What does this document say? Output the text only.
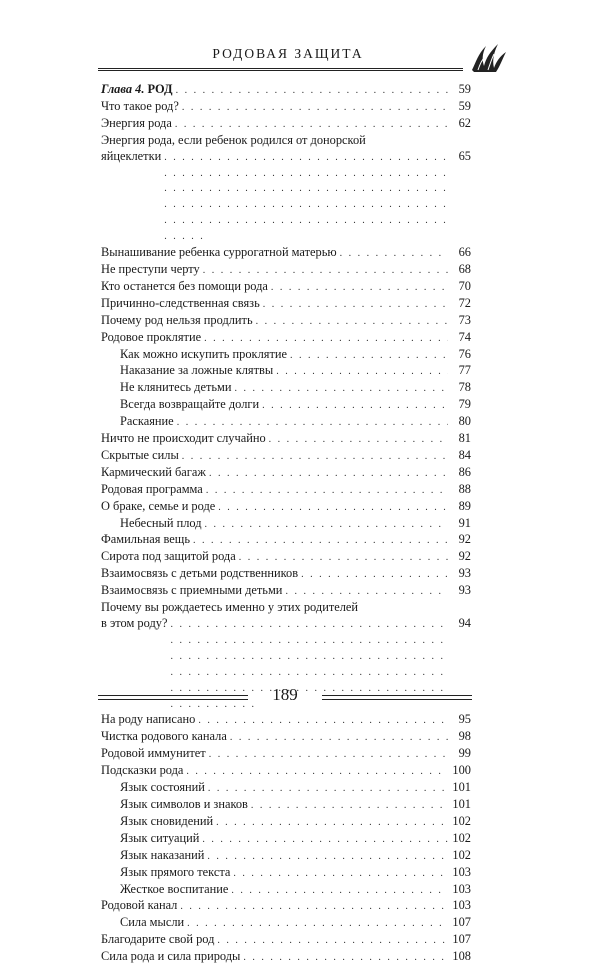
РОДОВАЯ ЗАЩИТА
Глава 4. РОД . . .	59
Что такое род? . . .	59
Энергия рода . . .	62
Энергия рода, если ребенок родился от донорской
яйцеклетки . . .	65
Вынашивание ребенка суррогатной матерью . . .	66
Не преступи черту . . .	68
Кто останется без помощи рода . . .	70
Причинно-следственная связь . . .	72
Почему род нельзя продлить . . .	73
Родовое проклятие . . .	74
Как можно искупить проклятие . . .	76
Наказание за ложные клятвы . . .	77
Не клянитесь детьми . . .	78
Всегда возвращайте долги . . .	79
Раскаяние . . .	80
Ничто не происходит случайно . . .	81
Скрытые силы . . .	84
Кармический багаж . . .	86
Родовая программа . . .	88
О браке, семье и роде . . .	89
Небесный плод . . .	91
Фамильная вещь . . .	92
Сирота под защитой рода . . .	92
Взаимосвязь с детьми родственников . . .	93
Взаимосвязь с приемными детьми . . .	93
Почему вы рождаетесь именно у этих родителей
в этом роду? . . .	94
На роду написано . . .	95
Чистка родового канала . . .	98
Родовой иммунитет . . .	99
Подсказки рода . . .	100
Язык состояний . . .	101
Язык символов и знаков . . .	101
Язык сновидений . . .	102
Язык ситуаций . . .	102
Язык наказаний . . .	102
Язык прямого текста . . .	103
Жесткое воспитание . . .	103
Родовой канал . . .	103
Сила мысли . . .	107
Благодарите свой род . . .	107
Сила рода и сила природы . . .	108
189
